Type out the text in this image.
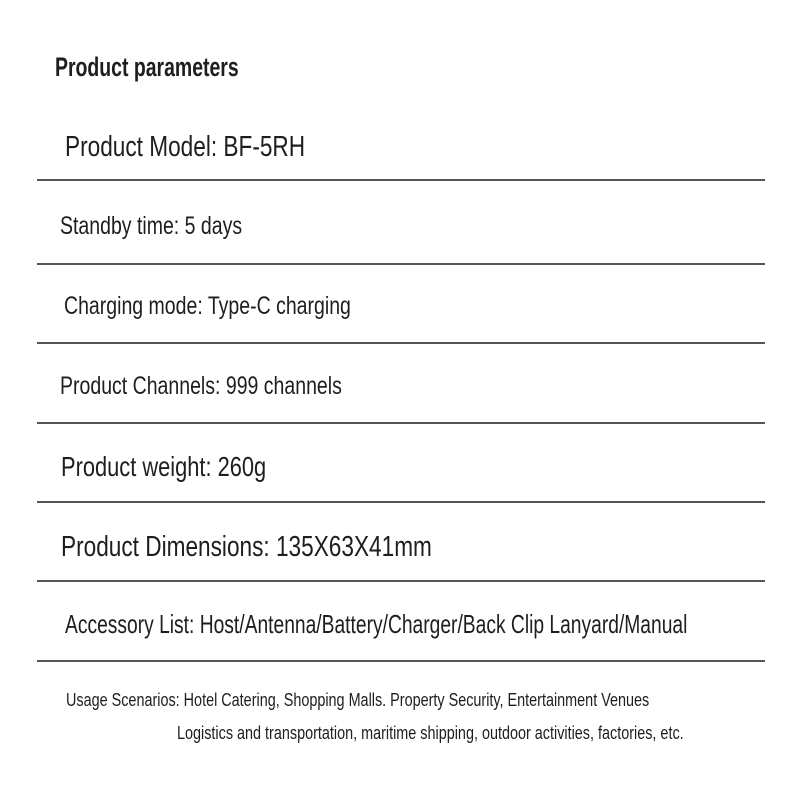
Product parameters
Product Model: BF-5RH
Standby time: 5 days
Charging mode: Type-C charging
Product Channels: 999 channels
Product weight: 260g
Product Dimensions: 135X63X41mm
Accessory List: Host/Antenna/Battery/Charger/Back Clip Lanyard/Manual
Usage Scenarios: Hotel Catering, Shopping Malls. Property Security, Entertainment Venues
Logistics and transportation, maritime shipping, outdoor activities, factories, etc.
